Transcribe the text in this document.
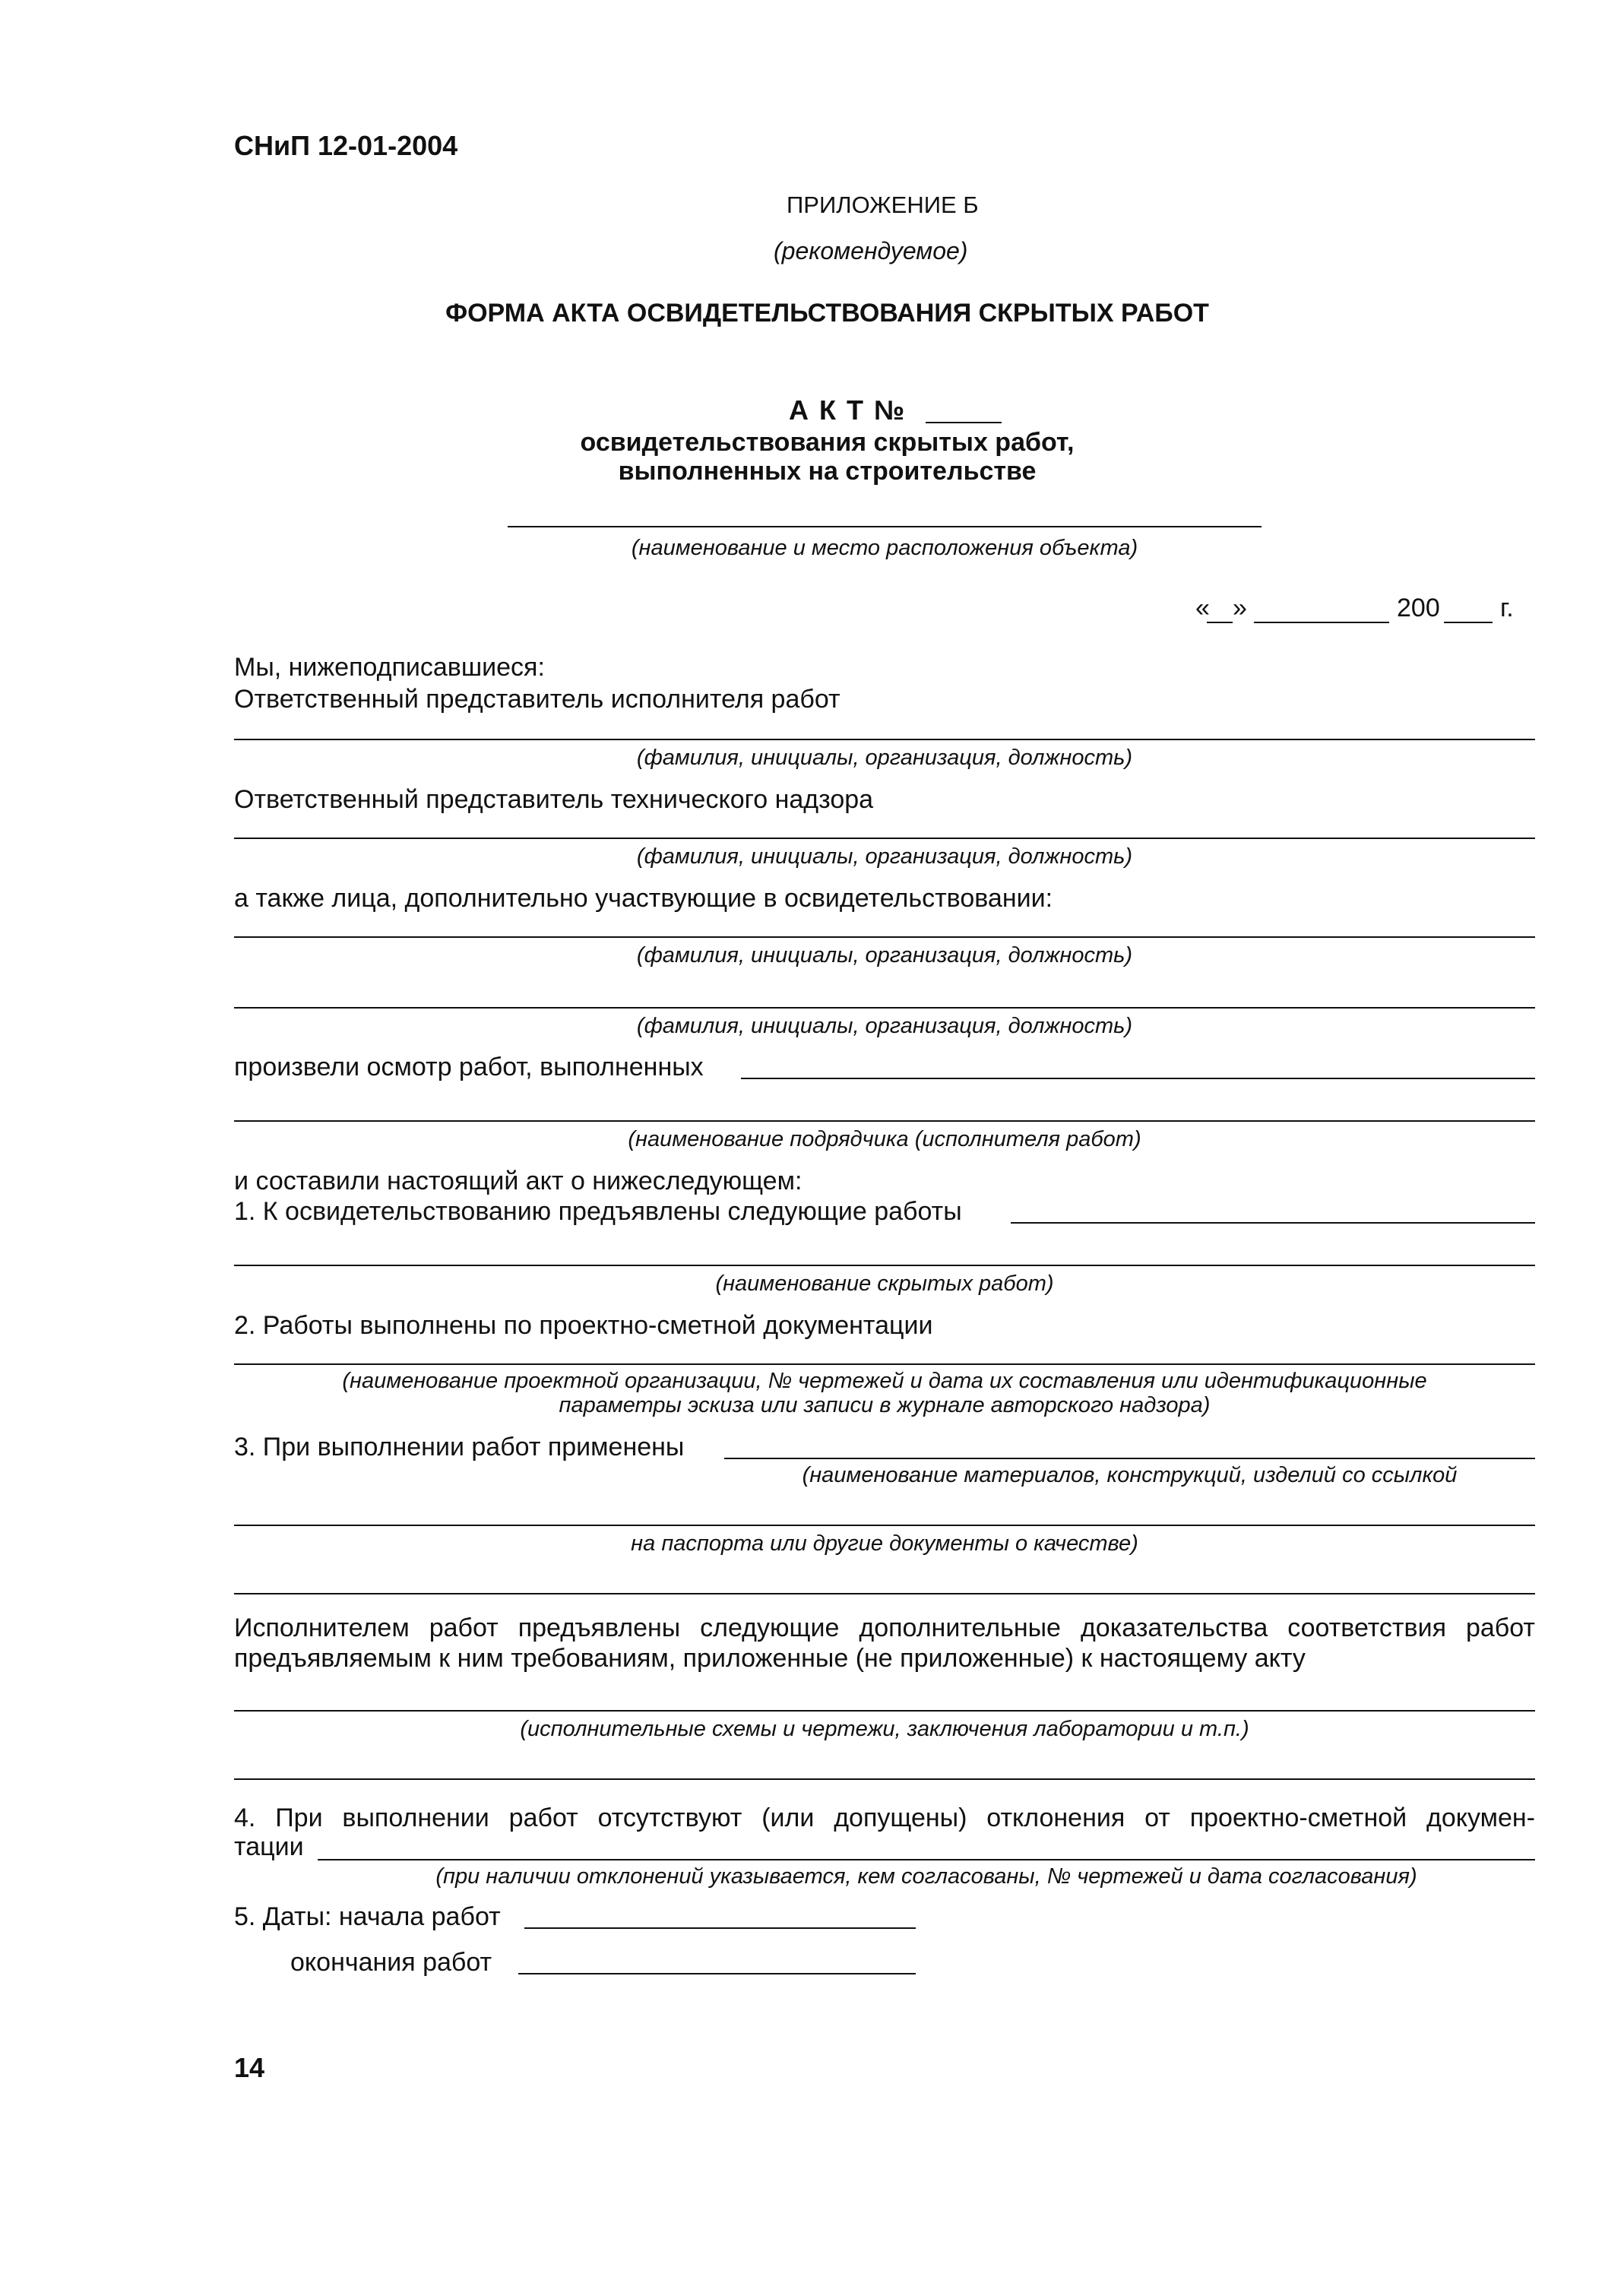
СНиП 12-01-2004
ПРИЛОЖЕНИЕ Б
(рекомендуемое)
ФОРМА АКТА ОСВИДЕТЕЛЬСТВОВАНИЯ СКРЫТЫХ РАБОТ
А К Т №
освидетельствования скрытых работ,
выполненных на строительстве
(наименование и место расположения объекта)
« »	200 г.
Мы, нижеподписавшиеся:
Ответственный представитель исполнителя работ
(фамилия, инициалы, организация, должность)
Ответственный представитель технического надзора
(фамилия, инициалы, организация, должность)
а также лица, дополнительно участвующие в освидетельствовании:
(фамилия, инициалы, организация, должность)
(фамилия, инициалы, организация, должность)
произвели осмотр работ, выполненных
(наименование подрядчика (исполнителя работ)
и составили настоящий акт о нижеследующем:
1. К освидетельствованию предъявлены следующие работы
(наименование скрытых работ)
2. Работы выполнены по проектно-сметной документации
(наименование проектной организации, № чертежей и дата их составления или идентификационные
параметры эскиза или записи в журнале авторского надзора)
3. При выполнении работ применены
(наименование материалов, конструкций, изделий со ссылкой
на паспорта или другие документы о качестве)
Исполнителем работ предъявлены следующие дополнительные доказательства соответствия работ
предъявляемым к ним требованиям, приложенные (не приложенные) к настоящему акту
(исполнительные схемы и чертежи, заключения лаборатории и т.п.)
4. При выполнении работ отсутствуют (или допущены) отклонения от проектно-сметной докумен-
тации
(при наличии отклонений указывается, кем согласованы, № чертежей и дата согласования)
5. Даты: начала работ
окончания работ
14
